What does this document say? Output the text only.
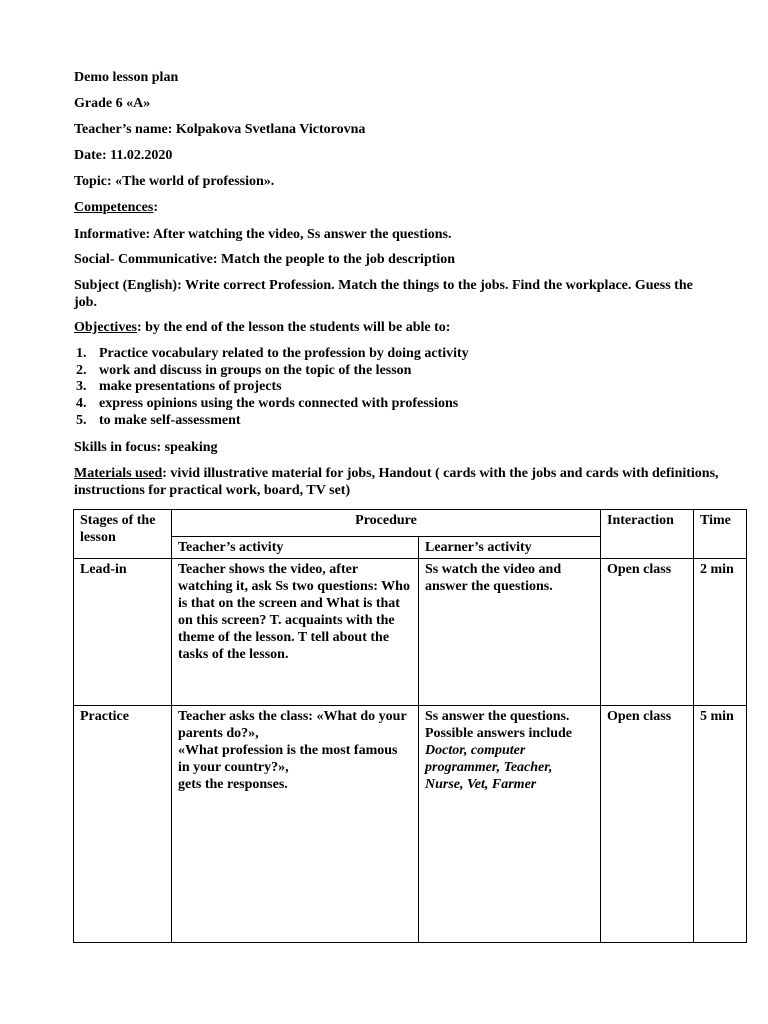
Demo lesson plan
Grade 6 «A»
Teacher’s name: Kolpakova Svetlana Victorovna
Date: 11.02.2020
Topic: «The world of profession».
Competences:
Informative: After watching the video, Ss answer the questions.
Social- Communicative: Match the people to the job description
Subject (English): Write correct Profession. Match the things to the jobs. Find the workplace. Guess the job.
Objectives: by the end of the lesson the students will be able to:
1. Practice vocabulary related to the profession by doing activity
2. work and discuss in groups on the topic of the lesson
3. make presentations of projects
4. express opinions using the words connected with professions
5. to make self-assessment
Skills in focus: speaking
Materials used: vivid illustrative material for jobs, Handout ( cards with the jobs and cards with definitions, instructions for practical work, board, TV set)
Stages of the lesson	Procedure		Interaction	Time
	Teacher’s activity	Learner’s activity		
Lead-in	Teacher shows the video, after watching it, ask Ss two questions: Who is that on the screen and What is that on this screen? T. acquaints with the theme of the lesson. T tell about the tasks of the lesson.	Ss watch the video and answer the questions.	Open class	2 min
Practice	Teacher asks the class: «What do your parents do?»,
«What profession is the most famous in your country?»,
gets the responses.	Ss answer the questions. Possible answers include Doctor, computer programmer, Teacher, Nurse, Vet, Farmer	Open class	5 min
